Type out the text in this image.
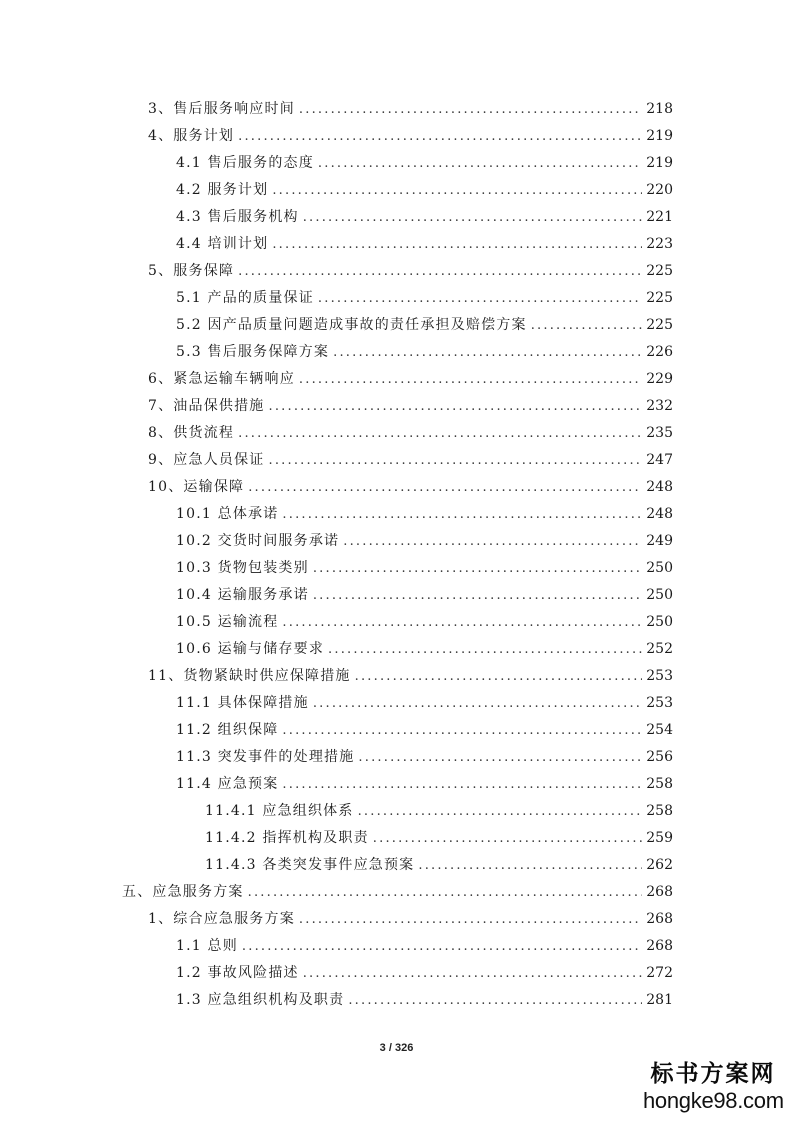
3、售后服务响应时间 .....	218
4、服务计划 .....	219
4.1 售后服务的态度 .....	219
4.2 服务计划 .....	220
4.3 售后服务机构 .....	221
4.4 培训计划 .....	223
5、服务保障 .....	225
5.1 产品的质量保证 .....	225
5.2 因产品质量问题造成事故的责任承担及赔偿方案 .....	225
5.3 售后服务保障方案 .....	226
6、紧急运输车辆响应 .....	229
7、油品保供措施 .....	232
8、供货流程 .....	235
9、应急人员保证 .....	247
10、运输保障 .....	248
10.1 总体承诺 .....	248
10.2 交货时间服务承诺 .....	249
10.3 货物包装类别 .....	250
10.4 运输服务承诺 .....	250
10.5 运输流程 .....	250
10.6 运输与储存要求 .....	252
11、货物紧缺时供应保障措施 .....	253
11.1 具体保障措施 .....	253
11.2 组织保障 .....	254
11.3 突发事件的处理措施 .....	256
11.4 应急预案 .....	258
11.4.1 应急组织体系 .....	258
11.4.2 指挥机构及职责 .....	259
11.4.3 各类突发事件应急预案 .....	262
五、应急服务方案 .....	268
1、综合应急服务方案 .....	268
1.1 总则 .....	268
1.2 事故风险描述 .....	272
1.3 应急组织机构及职责 .....	281
3 / 326
标书方案网
hongke98.com
